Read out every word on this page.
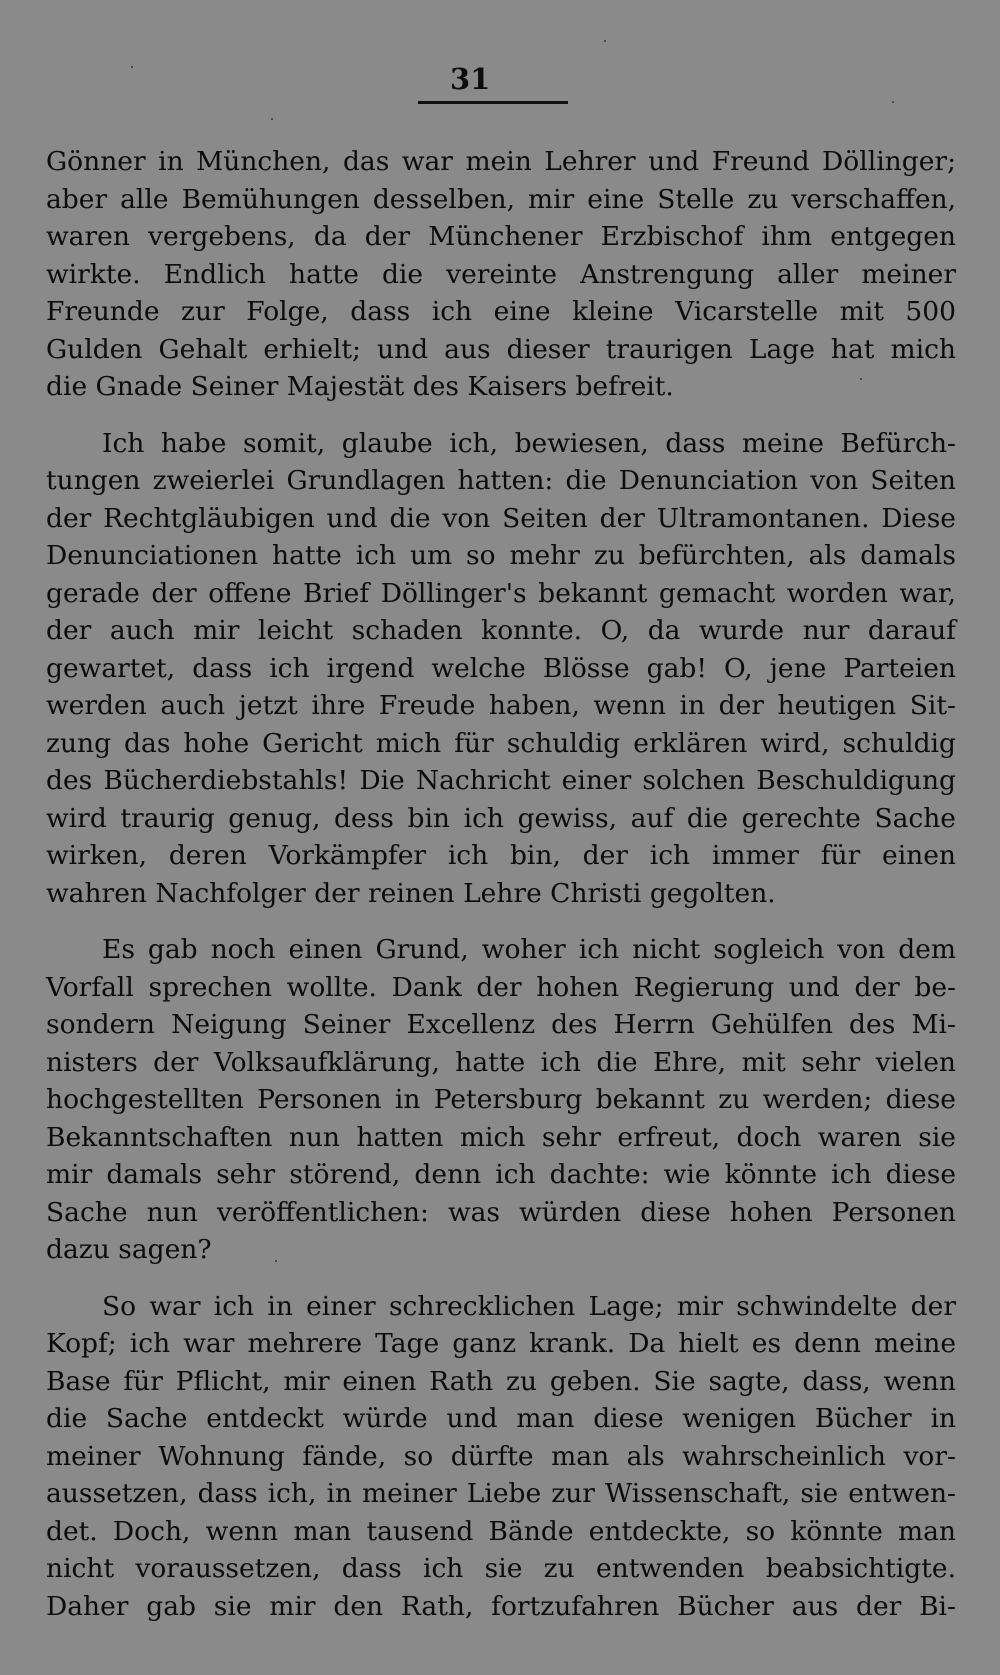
31
Gönner in München, das war mein Lehrer und Freund Döllinger;
aber alle Bemühungen desselben, mir eine Stelle zu verschaffen,
waren vergebens, da der Münchener Erzbischof ihm entgegen
wirkte. Endlich hatte die vereinte Anstrengung aller meiner
Freunde zur Folge, dass ich eine kleine Vicarstelle mit 500
Gulden Gehalt erhielt; und aus dieser traurigen Lage hat mich
die Gnade Seiner Majestät des Kaisers befreit.
Ich habe somit, glaube ich, bewiesen, dass meine Befürch-
tungen zweierlei Grundlagen hatten: die Denunciation von Seiten
der Rechtgläubigen und die von Seiten der Ultramontanen. Diese
Denunciationen hatte ich um so mehr zu befürchten, als damals
gerade der offene Brief Döllinger's bekannt gemacht worden war,
der auch mir leicht schaden konnte. O, da wurde nur darauf
gewartet, dass ich irgend welche Blösse gab! O, jene Parteien
werden auch jetzt ihre Freude haben, wenn in der heutigen Sit-
zung das hohe Gericht mich für schuldig erklären wird, schuldig
des Bücherdiebstahls! Die Nachricht einer solchen Beschuldigung
wird traurig genug, dess bin ich gewiss, auf die gerechte Sache
wirken, deren Vorkämpfer ich bin, der ich immer für einen
wahren Nachfolger der reinen Lehre Christi gegolten.
Es gab noch einen Grund, woher ich nicht sogleich von dem
Vorfall sprechen wollte. Dank der hohen Regierung und der be-
sondern Neigung Seiner Excellenz des Herrn Gehülfen des Mi-
nisters der Volksaufklärung, hatte ich die Ehre, mit sehr vielen
hochgestellten Personen in Petersburg bekannt zu werden; diese
Bekanntschaften nun hatten mich sehr erfreut, doch waren sie
mir damals sehr störend, denn ich dachte: wie könnte ich diese
Sache nun veröffentlichen: was würden diese hohen Personen
dazu sagen?
So war ich in einer schrecklichen Lage; mir schwindelte der
Kopf; ich war mehrere Tage ganz krank. Da hielt es denn meine
Base für Pflicht, mir einen Rath zu geben. Sie sagte, dass, wenn
die Sache entdeckt würde und man diese wenigen Bücher in
meiner Wohnung fände, so dürfte man als wahrscheinlich vor-
aussetzen, dass ich, in meiner Liebe zur Wissenschaft, sie entwen-
det. Doch, wenn man tausend Bände entdeckte, so könnte man
nicht voraussetzen, dass ich sie zu entwenden beabsichtigte.
Daher gab sie mir den Rath, fortzufahren Bücher aus der Bi-
